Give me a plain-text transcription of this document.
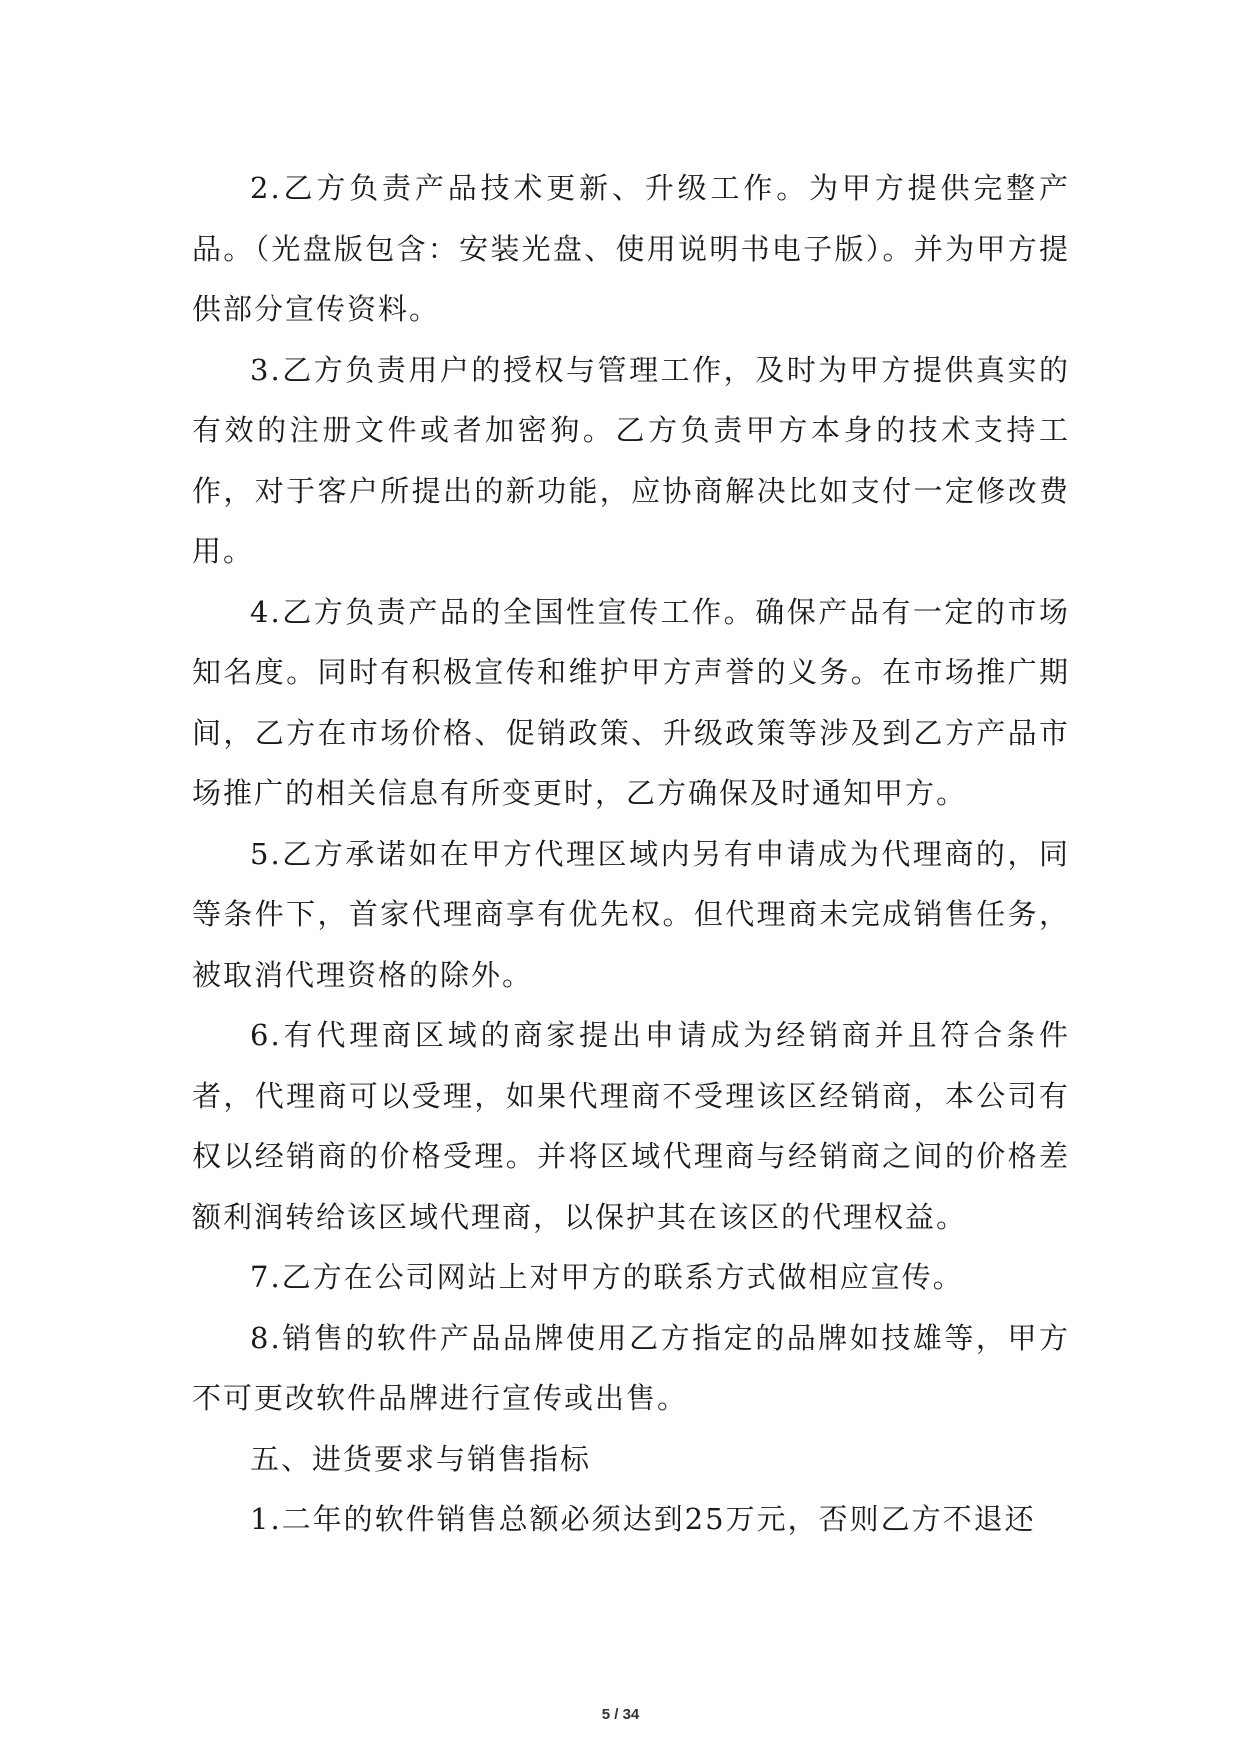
2.乙方负责产品技术更新、升级工作。为甲方提供完整产品。（光盘版包含：安装光盘、使用说明书电子版）。并为甲方提供部分宣传资料。

3.乙方负责用户的授权与管理工作，及时为甲方提供真实的有效的注册文件或者加密狗。乙方负责甲方本身的技术支持工作，对于客户所提出的新功能，应协商解决比如支付一定修改费用。

4.乙方负责产品的全国性宣传工作。确保产品有一定的市场知名度。同时有积极宣传和维护甲方声誉的义务。在市场推广期间，乙方在市场价格、促销政策、升级政策等涉及到乙方产品市场推广的相关信息有所变更时，乙方确保及时通知甲方。

5.乙方承诺如在甲方代理区域内另有申请成为代理商的，同等条件下，首家代理商享有优先权。但代理商未完成销售任务，被取消代理资格的除外。

6.有代理商区域的商家提出申请成为经销商并且符合条件者，代理商可以受理，如果代理商不受理该区经销商，本公司有权以经销商的价格受理。并将区域代理商与经销商之间的价格差额利润转给该区域代理商，以保护其在该区的代理权益。

7.乙方在公司网站上对甲方的联系方式做相应宣传。

8.销售的软件产品品牌使用乙方指定的品牌如技雄等，甲方不可更改软件品牌进行宣传或出售。

五、进货要求与销售指标

1.二年的软件销售总额必须达到25万元，否则乙方不退还

5 / 34
